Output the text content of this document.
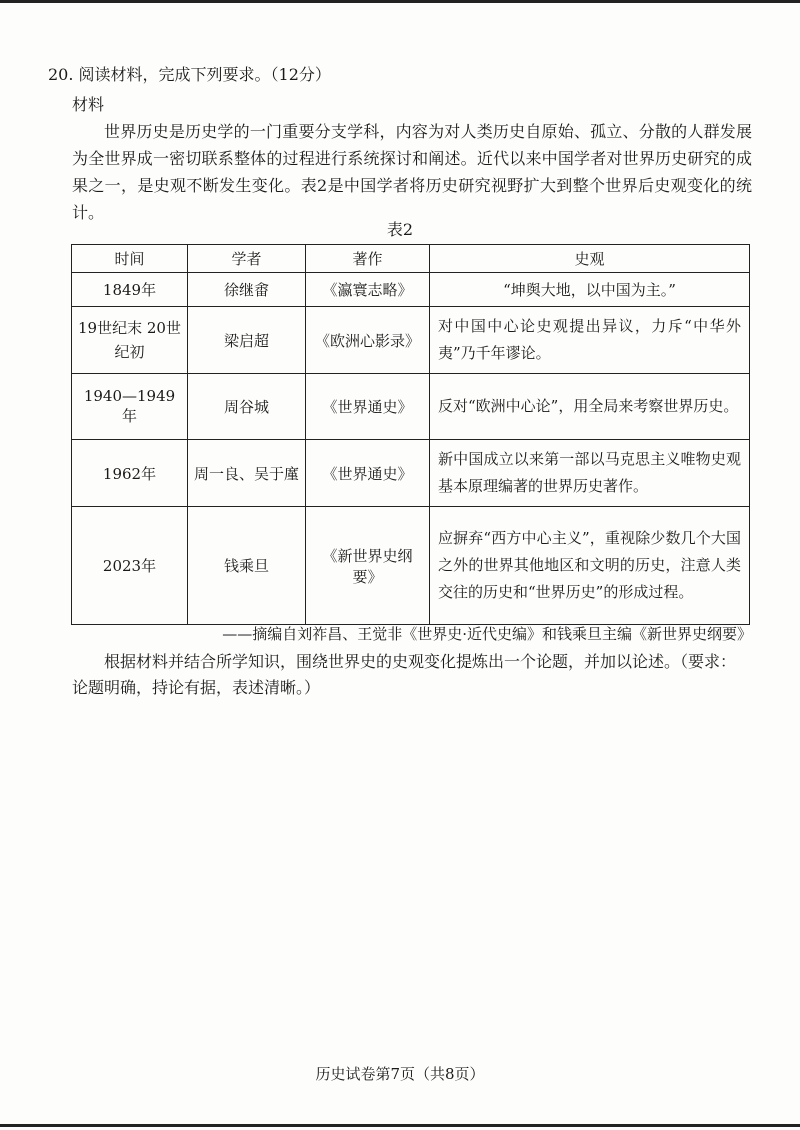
20. 阅读材料，完成下列要求。（12分）
材料
世界历史是历史学的一门重要分支学科，内容为对人类历史自原始、孤立、分散的人群发展为全世界成一密切联系整体的过程进行系统探讨和阐述。近代以来中国学者对世界历史研究的成果之一，是史观不断发生变化。表2是中国学者将历史研究视野扩大到整个世界后史观变化的统计。
表2
时间	学者	著作	史观
1849年	徐继畬	《瀛寰志略》	“坤舆大地，以中国为主。”
19世纪末 20世纪初	梁启超	《欧洲心影录》	对中国中心论史观提出异议，力斥“中华外夷”乃千年谬论。
1940—1949年	周谷城	《世界通史》	反对“欧洲中心论”，用全局来考察世界历史。
1962年	周一良、吴于廑	《世界通史》	新中国成立以来第一部以马克思主义唯物史观基本原理编著的世界历史著作。
2023年	钱乘旦	《新世界史纲要》	应摒弃“西方中心主义”，重视除少数几个大国之外的世界其他地区和文明的历史，注意人类交往的历史和“世界历史”的形成过程。
——摘编自刘祚昌、王觉非《世界史·近代史编》和钱乘旦主编《新世界史纲要》
根据材料并结合所学知识，围绕世界史的史观变化提炼出一个论题，并加以论述。（要求：
论题明确，持论有据，表述清晰。）
历史试卷第7页（共8页）
